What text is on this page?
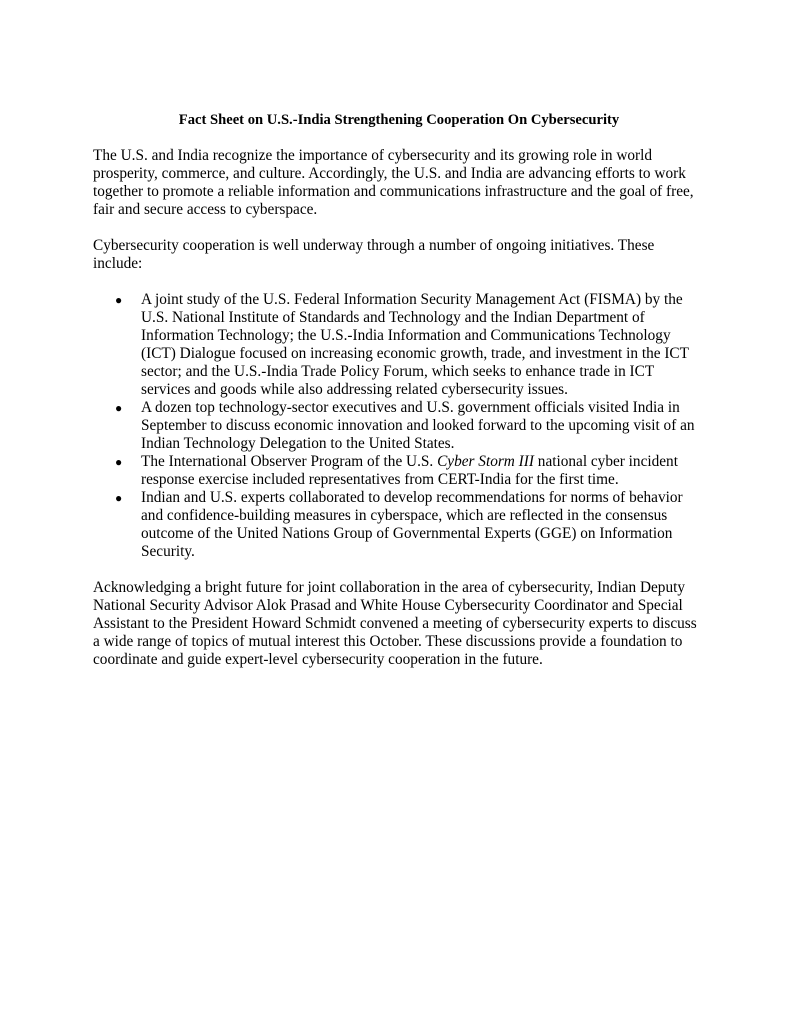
Fact Sheet on U.S.-India Strengthening Cooperation On Cybersecurity

The U.S. and India recognize the importance of cybersecurity and its growing role in world prosperity, commerce, and culture. Accordingly, the U.S. and India are advancing efforts to work together to promote a reliable information and communications infrastructure and the goal of free, fair and secure access to cyberspace.

Cybersecurity cooperation is well underway through a number of ongoing initiatives. These include:

● A joint study of the U.S. Federal Information Security Management Act (FISMA) by the U.S. National Institute of Standards and Technology and the Indian Department of Information Technology; the U.S.-India Information and Communications Technology (ICT) Dialogue focused on increasing economic growth, trade, and investment in the ICT sector; and the U.S.-India Trade Policy Forum, which seeks to enhance trade in ICT services and goods while also addressing related cybersecurity issues.
● A dozen top technology-sector executives and U.S. government officials visited India in September to discuss economic innovation and looked forward to the upcoming visit of an Indian Technology Delegation to the United States.
● The International Observer Program of the U.S. Cyber Storm III national cyber incident response exercise included representatives from CERT-India for the first time.
● Indian and U.S. experts collaborated to develop recommendations for norms of behavior and confidence-building measures in cyberspace, which are reflected in the consensus outcome of the United Nations Group of Governmental Experts (GGE) on Information Security.

Acknowledging a bright future for joint collaboration in the area of cybersecurity, Indian Deputy National Security Advisor Alok Prasad and White House Cybersecurity Coordinator and Special Assistant to the President Howard Schmidt convened a meeting of cybersecurity experts to discuss a wide range of topics of mutual interest this October. These discussions provide a foundation to coordinate and guide expert-level cybersecurity cooperation in the future.
